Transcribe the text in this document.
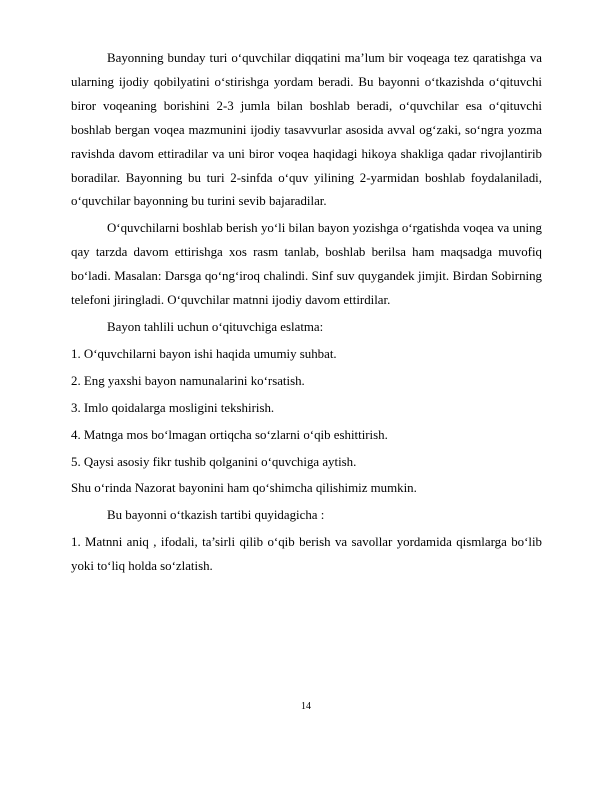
Bayonning bunday turi o‘quvchilar diqqatini ma’lum bir voqeaga tez qaratishga va ularning ijodiy qobilyatini o‘stirishga yordam beradi. Bu bayonni o‘tkazishda o‘qituvchi biror voqeaning borishini 2-3 jumla bilan boshlab beradi, o‘quvchilar esa o‘qituvchi boshlab bergan voqea mazmunini ijodiy tasavvurlar asosida avval og‘zaki, so‘ngra yozma ravishda davom ettiradilar va uni biror voqea haqidagi hikoya shakliga qadar rivojlantirib boradilar. Bayonning bu turi 2-sinfda o‘quv yilining 2-yarmidan boshlab foydalaniladi, o‘quvchilar bayonning bu turini sevib bajaradilar.

O‘quvchilarni boshlab berish yo‘li bilan bayon yozishga o‘rgatishda voqea va uning qay tarzda davom ettirishga xos rasm tanlab, boshlab berilsa ham maqsadga muvofiq bo‘ladi. Masalan: Darsga qo‘ng‘iroq chalindi. Sinf suv quygandek jimjit. Birdan Sobirning telefoni jiringladi. O‘quvchilar matnni ijodiy davom ettirdilar.

Bayon tahlili uchun o‘qituvchiga eslatma:

1. O‘quvchilarni bayon ishi haqida umumiy suhbat.

2. Eng yaxshi bayon namunalarini ko‘rsatish.

3. Imlo qoidalarga mosligini tekshirish.

4. Matnga mos bo‘lmagan ortiqcha so‘zlarni o‘qib eshittirish.

5. Qaysi asosiy fikr tushib qolganini o‘quvchiga aytish.

Shu o‘rinda Nazorat bayonini ham qo‘shimcha qilishimiz mumkin.

Bu bayonni o‘tkazish tartibi quyidagicha :

1. Matnni aniq , ifodali, ta’sirli qilib o‘qib berish va savollar yordamida qismlarga bo‘lib yoki to‘liq holda so‘zlatish.

14
